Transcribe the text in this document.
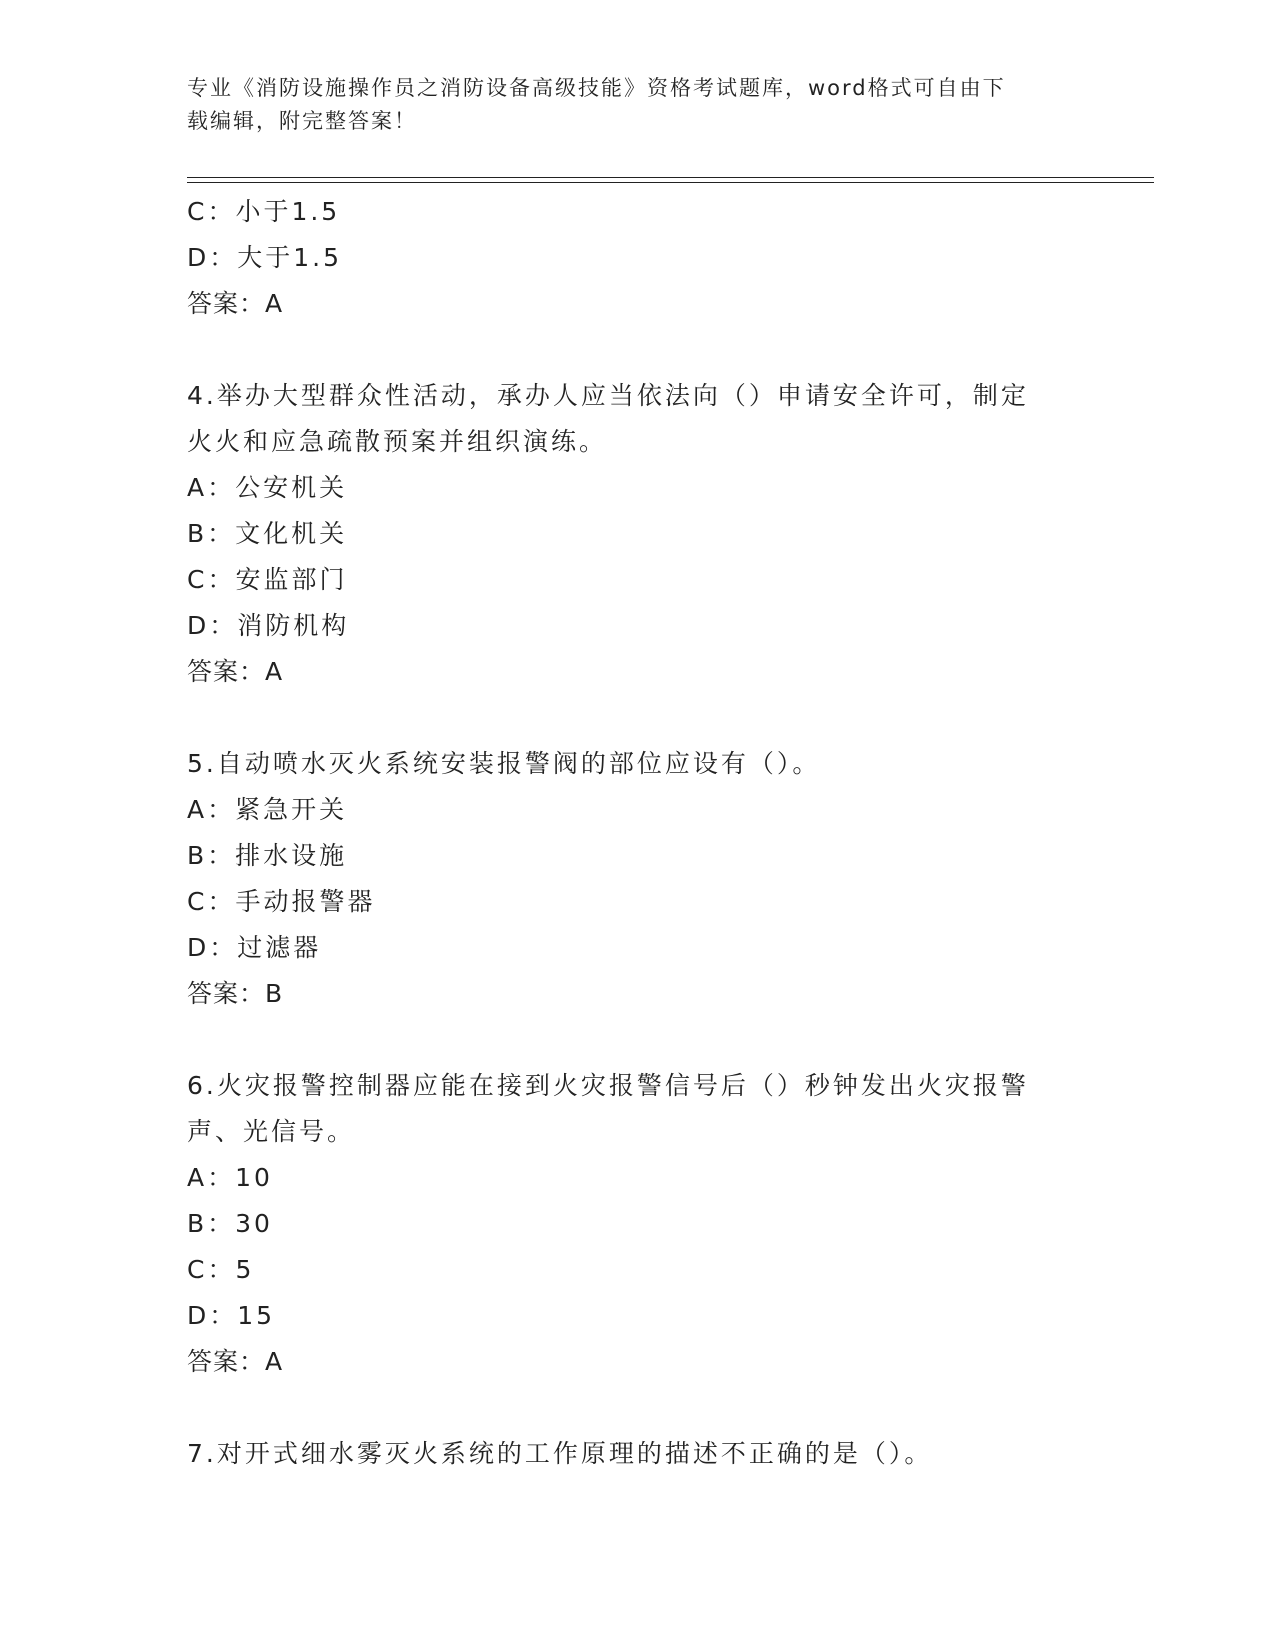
专业《消防设施操作员之消防设备高级技能》资格考试题库，word格式可自由下
载编辑，附完整答案！
C：小于1.5
D：大于1.5
答案：A
4.举办大型群众性活动，承办人应当依法向（）申请安全许可，制定
火火和应急疏散预案并组织演练。
A：公安机关
B：文化机关
C：安监部门
D：消防机构
答案：A
5.自动喷水灭火系统安装报警阀的部位应设有（）。
A：紧急开关
B：排水设施
C：手动报警器
D：过滤器
答案：B
6.火灾报警控制器应能在接到火灾报警信号后（）秒钟发出火灾报警
声、光信号。
A：10
B：30
C：5
D：15
答案：A
7.对开式细水雾灭火系统的工作原理的描述不正确的是（）。
